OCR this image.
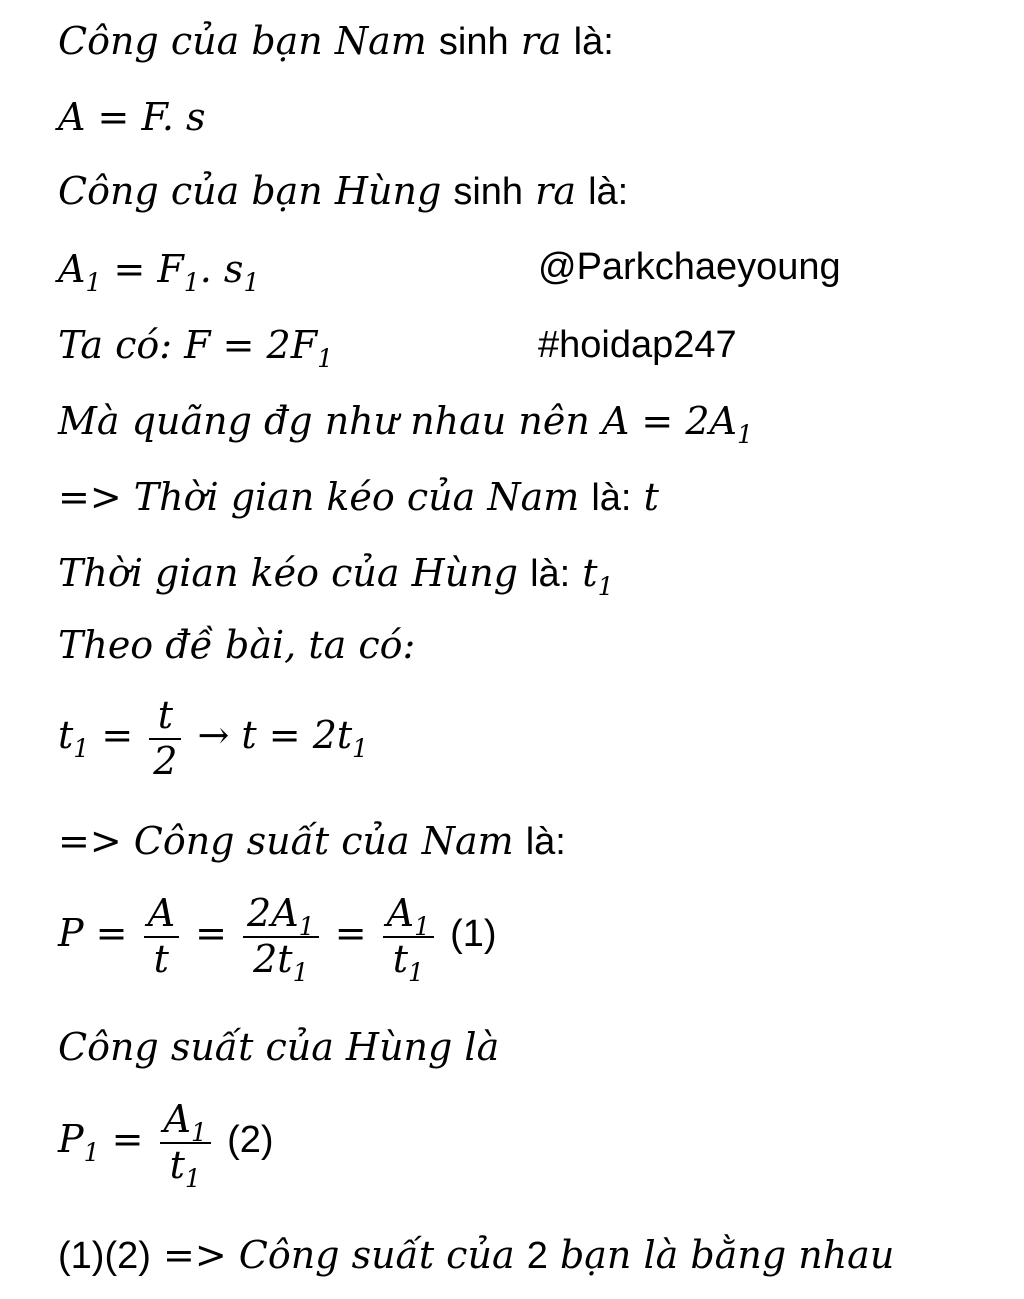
Công của bạn Nam sinh ra là:
A = F. s
Công của bạn Hùng sinh ra là:
$A_1 = F_1$. $s_1$	@Parkchaeyoung
Ta có: $F = 2F_1$	#hoidap247
Mà quãng đg như nhau nên $A = 2A_1$
=> Thời gian kéo của Nam là: t
Thời gian kéo của Hùng là: $t_1$
Theo đề bài, ta có:
$t_1 = \frac{t}{2} \to t = 2t_1$
=> Công suất của Nam là:
$P = \frac{A}{t} = \frac{2A_1}{2t_1} = \frac{A_1}{t_1} (1)$
Công suất của Hùng là
$P_1 = \frac{A_1}{t_1} (2)$
(1)(2) => Công suất của 2 bạn là bằng nhau
